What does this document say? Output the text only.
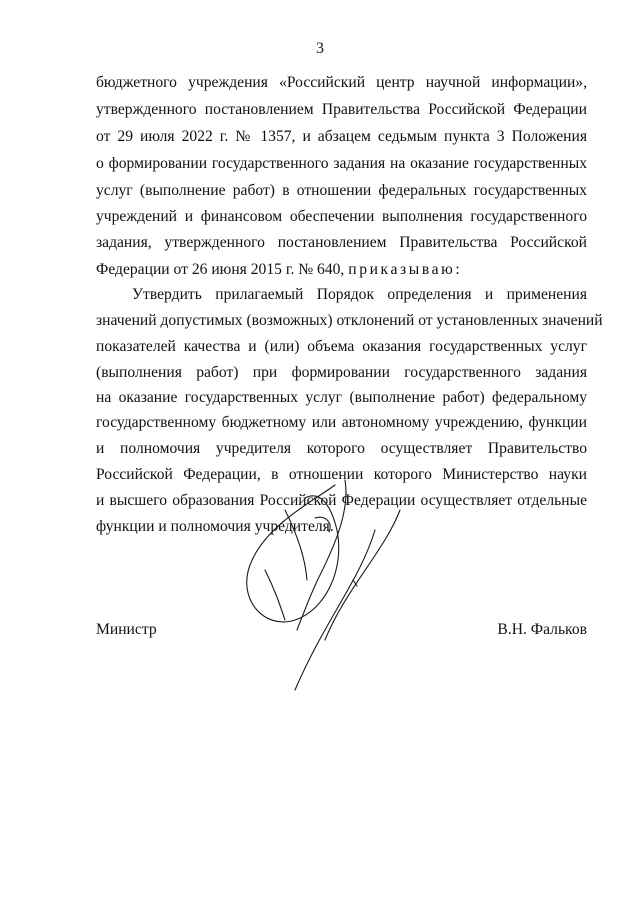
3
бюджетного учреждения «Российский центр научной информации»,
утвержденного постановлением Правительства Российской Федерации
от 29 июля 2022 г. № 1357, и абзацем седьмым пункта 3 Положения
о формировании государственного задания на оказание государственных
услуг (выполнение работ) в отношении федеральных государственных
учреждений и финансовом обеспечении выполнения государственного
задания, утвержденного постановлением Правительства Российской
Федерации от 26 июня 2015 г. № 640, приказываю:
Утвердить прилагаемый Порядок определения и применения
значений допустимых (возможных) отклонений от установленных значений
показателей качества и (или) объема оказания государственных услуг
(выполнения работ) при формировании государственного задания
на оказание государственных услуг (выполнение работ) федеральному
государственному бюджетному или автономному учреждению, функции
и полномочия учредителя которого осуществляет Правительство
Российской Федерации, в отношении которого Министерство науки
и высшего образования Российской Федерации осуществляет отдельные
функции и полномочия учредителя.
Министр	В.Н. Фальков
